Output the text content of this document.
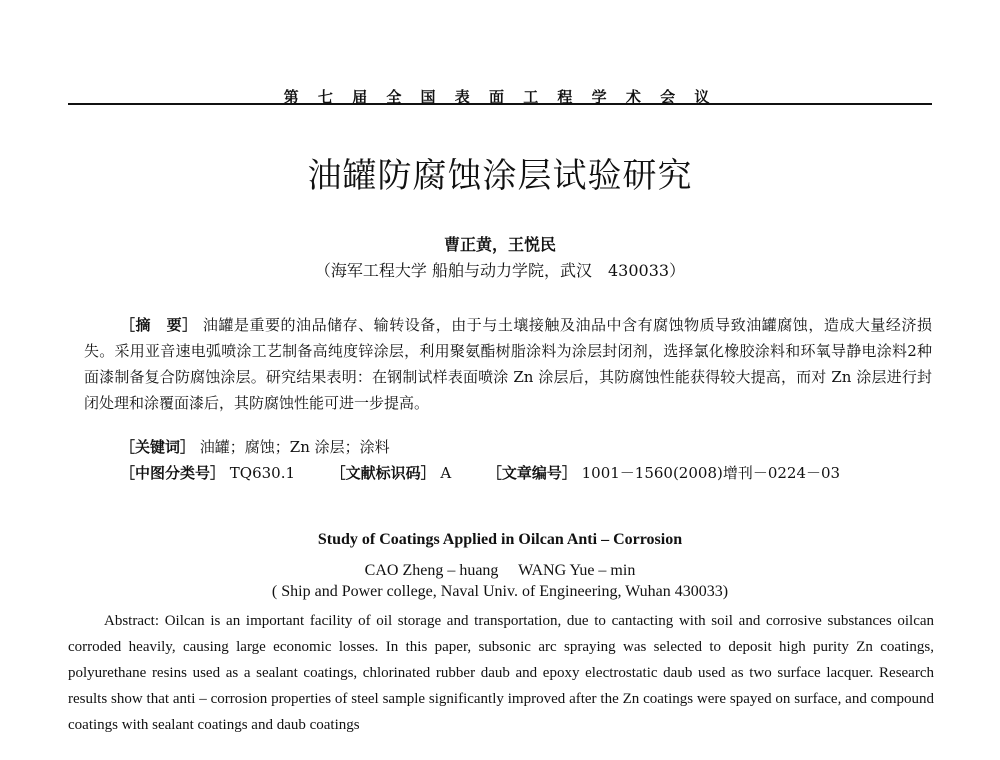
第 七 届 全 国 表 面 工 程 学 术 会 议
油罐防腐蚀涂层试验研究
曹正黄，王悦民
（海军工程大学 船舶与动力学院，武汉　430033）
［摘　要］ 油罐是重要的油品储存、输转设备，由于与土壤接触及油品中含有腐蚀物质导致油罐腐蚀，造成大量经济损失。采用亚音速电弧喷涂工艺制备高纯度锌涂层，利用聚氨酯树脂涂料为涂层封闭剂，选择氯化橡胶涂料和环氧导静电涂料2种面漆制备复合防腐蚀涂层。研究结果表明：在钢制试样表面喷涂 Zn 涂层后，其防腐蚀性能获得较大提高，而对 Zn 涂层进行封闭处理和涂覆面漆后，其防腐蚀性能可进一步提高。
［关键词］ 油罐；腐蚀；Zn 涂层；涂料
［中图分类号］ TQ630.1 ［文献标识码］ A ［文章编号］ 1001－1560(2008)增刊－0224－03
Study of Coatings Applied in Oilcan Anti – Corrosion
CAO Zheng – huang　 WANG Yue – min
( Ship and Power college, Naval Univ. of Engineering, Wuhan 430033)
Abstract: Oilcan is an important facility of oil storage and transportation, due to cantacting with soil and corrosive substances oilcan corroded heavily, causing large economic losses. In this paper, subsonic arc spraying was selected to deposit high purity Zn coatings, polyurethane resins used as a sealant coatings, chlorinated rubber daub and epoxy electrostatic daub used as two surface lacquer. Research results show that anti – corrosion properties of steel sample significantly improved after the Zn coatings were spayed on surface, and compound coatings with sealant coatings and daub coatings
